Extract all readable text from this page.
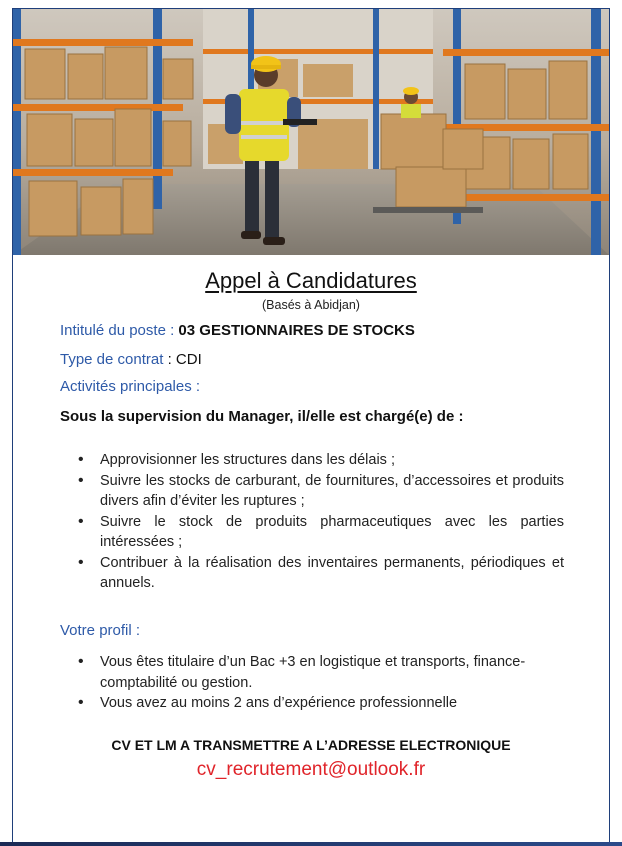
Appel à Candidatures
(Basés à Abidjan)
Intitulé du poste : 03 GESTIONNAIRES DE STOCKS
Type de contrat : CDI
Activités principales :
Sous la supervision du Manager, il/elle est chargé(e) de :
• Approvisionner les structures dans les délais ;
• Suivre les stocks de carburant, de fournitures, d’accessoires et produits divers afin d’éviter les ruptures ;
• Suivre le stock de produits pharmaceutiques avec les parties intéressées ;
• Contribuer à la réalisation des inventaires permanents, périodiques et annuels.
Votre profil :
• Vous êtes titulaire d’un Bac +3 en logistique et transports, finance-comptabilité ou gestion.
• Vous avez au moins 2 ans d’expérience professionnelle
CV ET LM A TRANSMETTRE A L’ADRESSE ELECTRONIQUE
cv_recrutement@outlook.fr
